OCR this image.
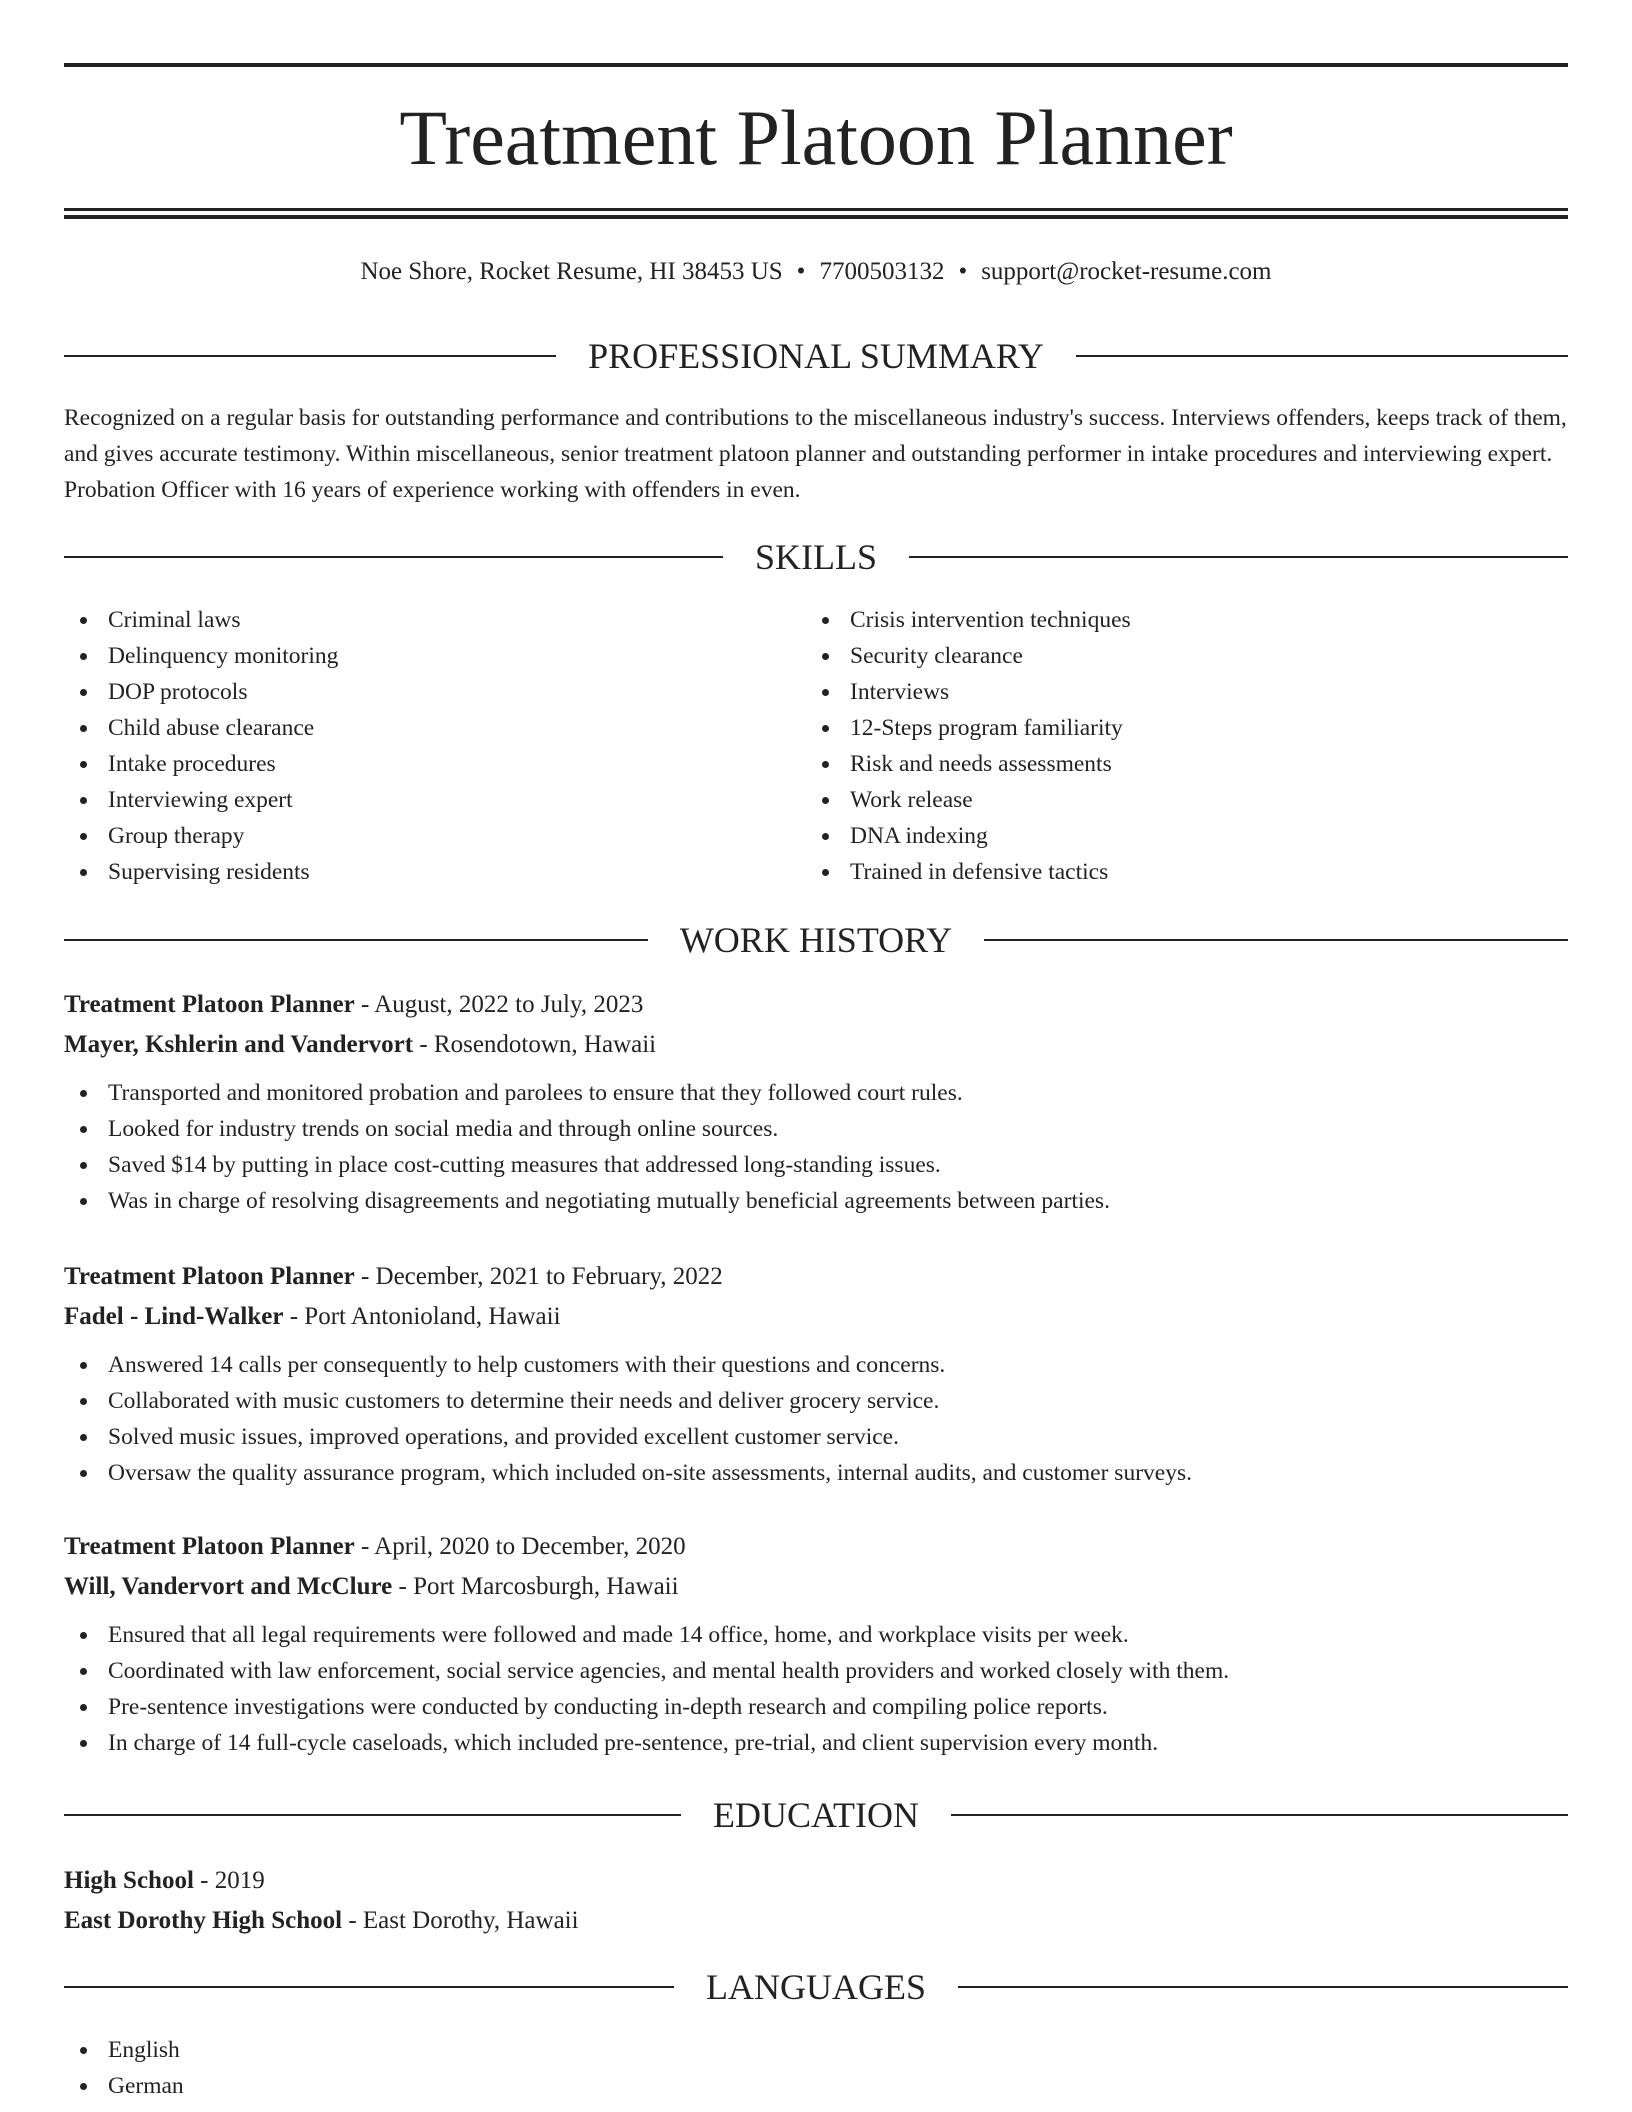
Treatment Platoon Planner
Noe Shore, Rocket Resume, HI 38453 US • 7700503132 • support@rocket-resume.com
PROFESSIONAL SUMMARY

Recognized on a regular basis for outstanding performance and contributions to the miscellaneous industry's success. Interviews offenders, keeps track of them, and gives accurate testimony. Within miscellaneous, senior treatment platoon planner and outstanding performer in intake procedures and interviewing expert. Probation Officer with 16 years of experience working with offenders in even.

SKILLS
Criminal laws
Delinquency monitoring
DOP protocols
Child abuse clearance
Intake procedures
Interviewing expert
Group therapy
Supervising residents
Crisis intervention techniques
Security clearance
Interviews
12-Steps program familiarity
Risk and needs assessments
Work release
DNA indexing
Trained in defensive tactics
WORK HISTORY
Treatment Platoon Planner - August, 2022 to July, 2023
Mayer, Kshlerin and Vandervort - Rosendotown, Hawaii
Transported and monitored probation and parolees to ensure that they followed court rules.
Looked for industry trends on social media and through online sources.
Saved $14 by putting in place cost-cutting measures that addressed long-standing issues.
Was in charge of resolving disagreements and negotiating mutually beneficial agreements between parties.
Treatment Platoon Planner - December, 2021 to February, 2022
Fadel - Lind-Walker - Port Antonioland, Hawaii
Answered 14 calls per consequently to help customers with their questions and concerns.
Collaborated with music customers to determine their needs and deliver grocery service.
Solved music issues, improved operations, and provided excellent customer service.
Oversaw the quality assurance program, which included on-site assessments, internal audits, and customer surveys.
Treatment Platoon Planner - April, 2020 to December, 2020
Will, Vandervort and McClure - Port Marcosburgh, Hawaii
Ensured that all legal requirements were followed and made 14 office, home, and workplace visits per week.
Coordinated with law enforcement, social service agencies, and mental health providers and worked closely with them.
Pre-sentence investigations were conducted by conducting in-depth research and compiling police reports.
In charge of 14 full-cycle caseloads, which included pre-sentence, pre-trial, and client supervision every month.
EDUCATION
High School - 2019
East Dorothy High School - East Dorothy, Hawaii
LANGUAGES
English
German
